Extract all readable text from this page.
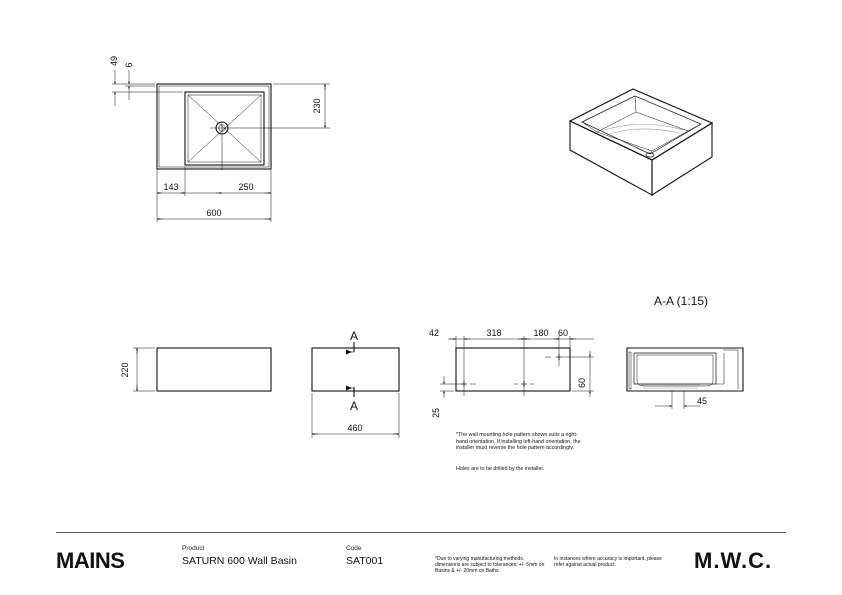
49 6
230
143	250
600
220
A
A
460
42	318	180 60
60
25
45
A-A (1:15)
*The wall mounting hole pattern shown suits a right-hand orientation. If installing left-hand orientation, the installer must reverse the hole pattern accordingly.
Holes are to be drilled by the installer.
MAINS	Product
SATURN 600 Wall Basin
Code
SAT001	*Due to varying manufacturing methods, dimensions are subject to tolerances: +/- 5mm on Basins & +/- 20mm on Baths.
In instances where accuracy is important, please refer against actual product.	M.W.C.
